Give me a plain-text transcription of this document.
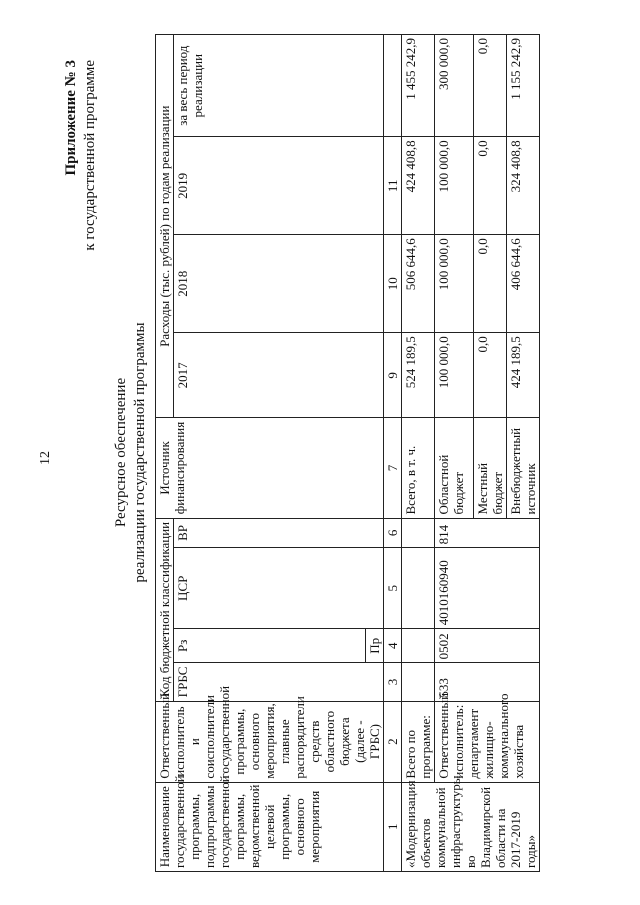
12
Приложение № 3 к государственной программе
Ресурсное обеспечение реализации государственной программы
Наименование государственной программы, подпрограммы государственной программы, ведомственной целевой программы, основного мероприятия	Ответственный исполнитель и соисполнители государственной программы, основного мероприятия, главные распорядители средств областного бюджета (далее - ГРБС)	Код бюджетной классификации				Источник финансирования	Расходы (тыс. рублей) по годам реализации			
		ГРБС	Рз	ЦСР	ВР		2017	2018	2019	за весь период реализации
			Пр							
1	2	3	4	5	6	7	9	10	11	
«Модернизация объектов коммунальной инфраструктуры во Владимирской области на 2017-2019 годы»	Всего по программе:					Всего, в т. ч.	524 189,5	506 644,6	424 408,8	1 455 242,9
	Ответственный исполнитель: департамент жилищно-коммунального хозяйства	533	0502	4010160940	814	Областной бюджет	100 000,0	100 000,0	100 000,0	300 000,0
						Местный бюджет	0,0	0,0	0,0	0,0
						Внебюджетный источник	424 189,5	406 644,6	324 408,8	1 155 242,9
